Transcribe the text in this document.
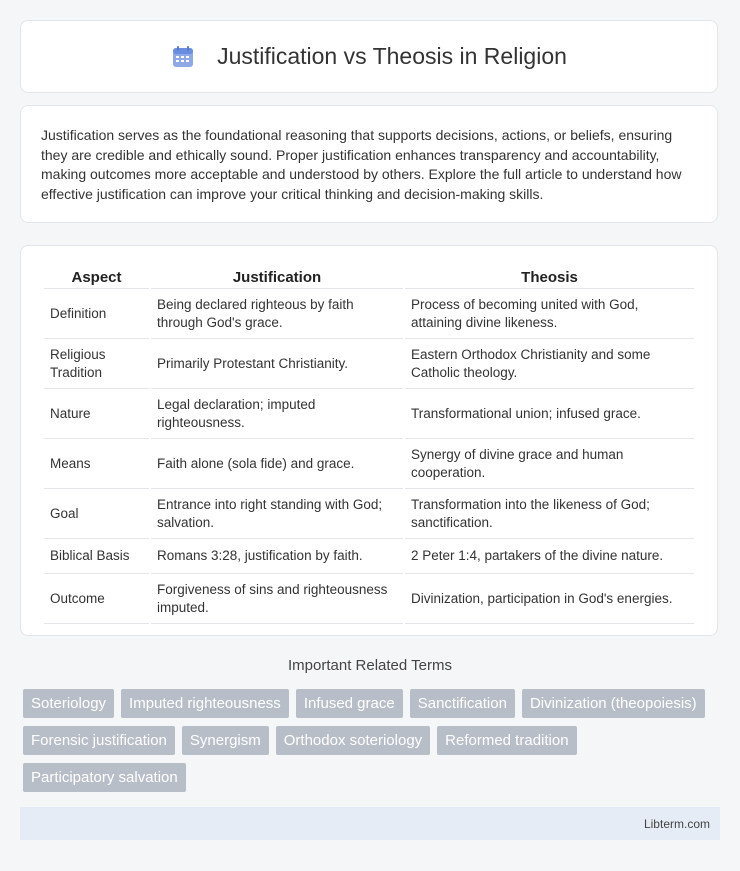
Justification vs Theosis in Religion

Justification serves as the foundational reasoning that supports decisions, actions, or beliefs, ensuring they are credible and ethically sound. Proper justification enhances transparency and accountability, making outcomes more acceptable and understood by others. Explore the full article to understand how effective justification can improve your critical thinking and decision-making skills.

Aspect	Justification	Theosis
Definition	Being declared righteous by faith through God's grace.	Process of becoming united with God, attaining divine likeness.
Religious Tradition	Primarily Protestant Christianity.	Eastern Orthodox Christianity and some Catholic theology.
Nature	Legal declaration; imputed righteousness.	Transformational union; infused grace.
Means	Faith alone (sola fide) and grace.	Synergy of divine grace and human cooperation.
Goal	Entrance into right standing with God; salvation.	Transformation into the likeness of God; sanctification.
Biblical Basis	Romans 3:28, justification by faith.	2 Peter 1:4, partakers of the divine nature.
Outcome	Forgiveness of sins and righteousness imputed.	Divinization, participation in God's energies.
Important Related Terms
Soteriology	Imputed righteousness	Infused grace	Sanctification	Divinization (theopoiesis)
Forensic justification	Synergism	Orthodox soteriology	Reformed tradition
Participatory salvation
Libterm.com
